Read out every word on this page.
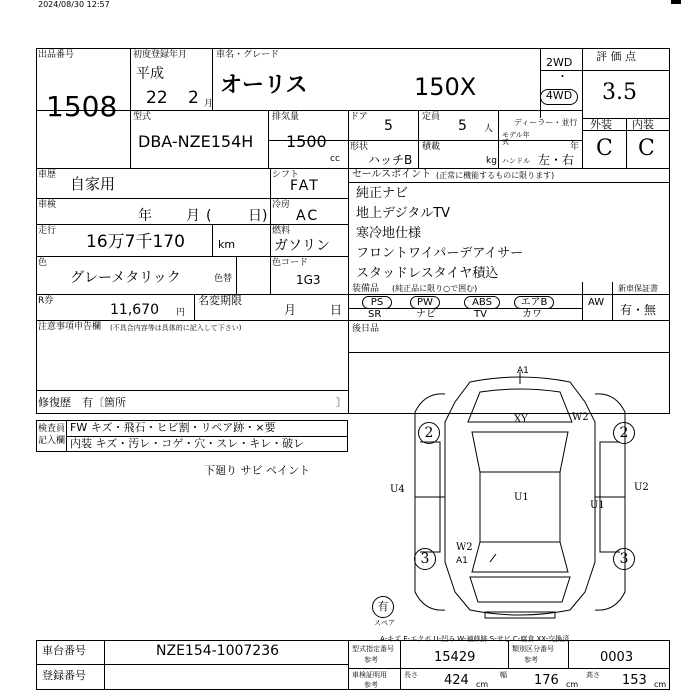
2024/08/30 12:57
出品番号
1508
初度登録年月
平成
22 2 月
車名・グレード
オーリス	150X
2WD
・
4WD
評 価 点
3.5
型式
DBA-NZE154H
排気量
1500
cc
ドア
5
定員
5 人
ディーラー・並行
形状
ハッチB
積載
kg
モデル年式	年
ハンドル 左・右
外装 内装
C C
車歴 自家用
車検
年 月 (	日)
走行
16万7千170	km
色
グレーメタリック	色替
R券
11,670 円
名変期限
月	日
シフト
FAT
冷房
AC
燃料
ガソリン
色コード
1G3
セールスポイント (正常に機能するものに限ります)
純正ナビ
地上デジタルTV
寒冷地仕様
フロントワイパーデアイサー
スタッドレスタイヤ積込
装備品 (純正品に限り○で囲む)
PS	PW	ABS	エアB
SR	ナビ	TV	カワ
AW
新車保証書
有・無
注意事項申告欄 (不具合内容等は具体的に記入して下さい)	後日品
修復歴 有〔箇所	〕
検査員
記入欄
FW キズ・飛石・ヒビ割・リペア跡・×要
内装 キズ・汚レ・コゲ・穴・スレ・キレ・破レ
下廻り サビ ペイント
A1
XY	W2
U1
U1
U4	U2
W2
A1
2	2
3	3
有
スペア
A-キズ E-エクボ U-凹み W-補修跡 S-サビ C-腐食 XX-交換済
車台番号	NZE154-1007236
登録番号
型式指定番号
参考	15429
類別区分番号
参考	0003
車検証明用
参考
長さ 424 cm
幅 176 cm
高さ 153 cm
